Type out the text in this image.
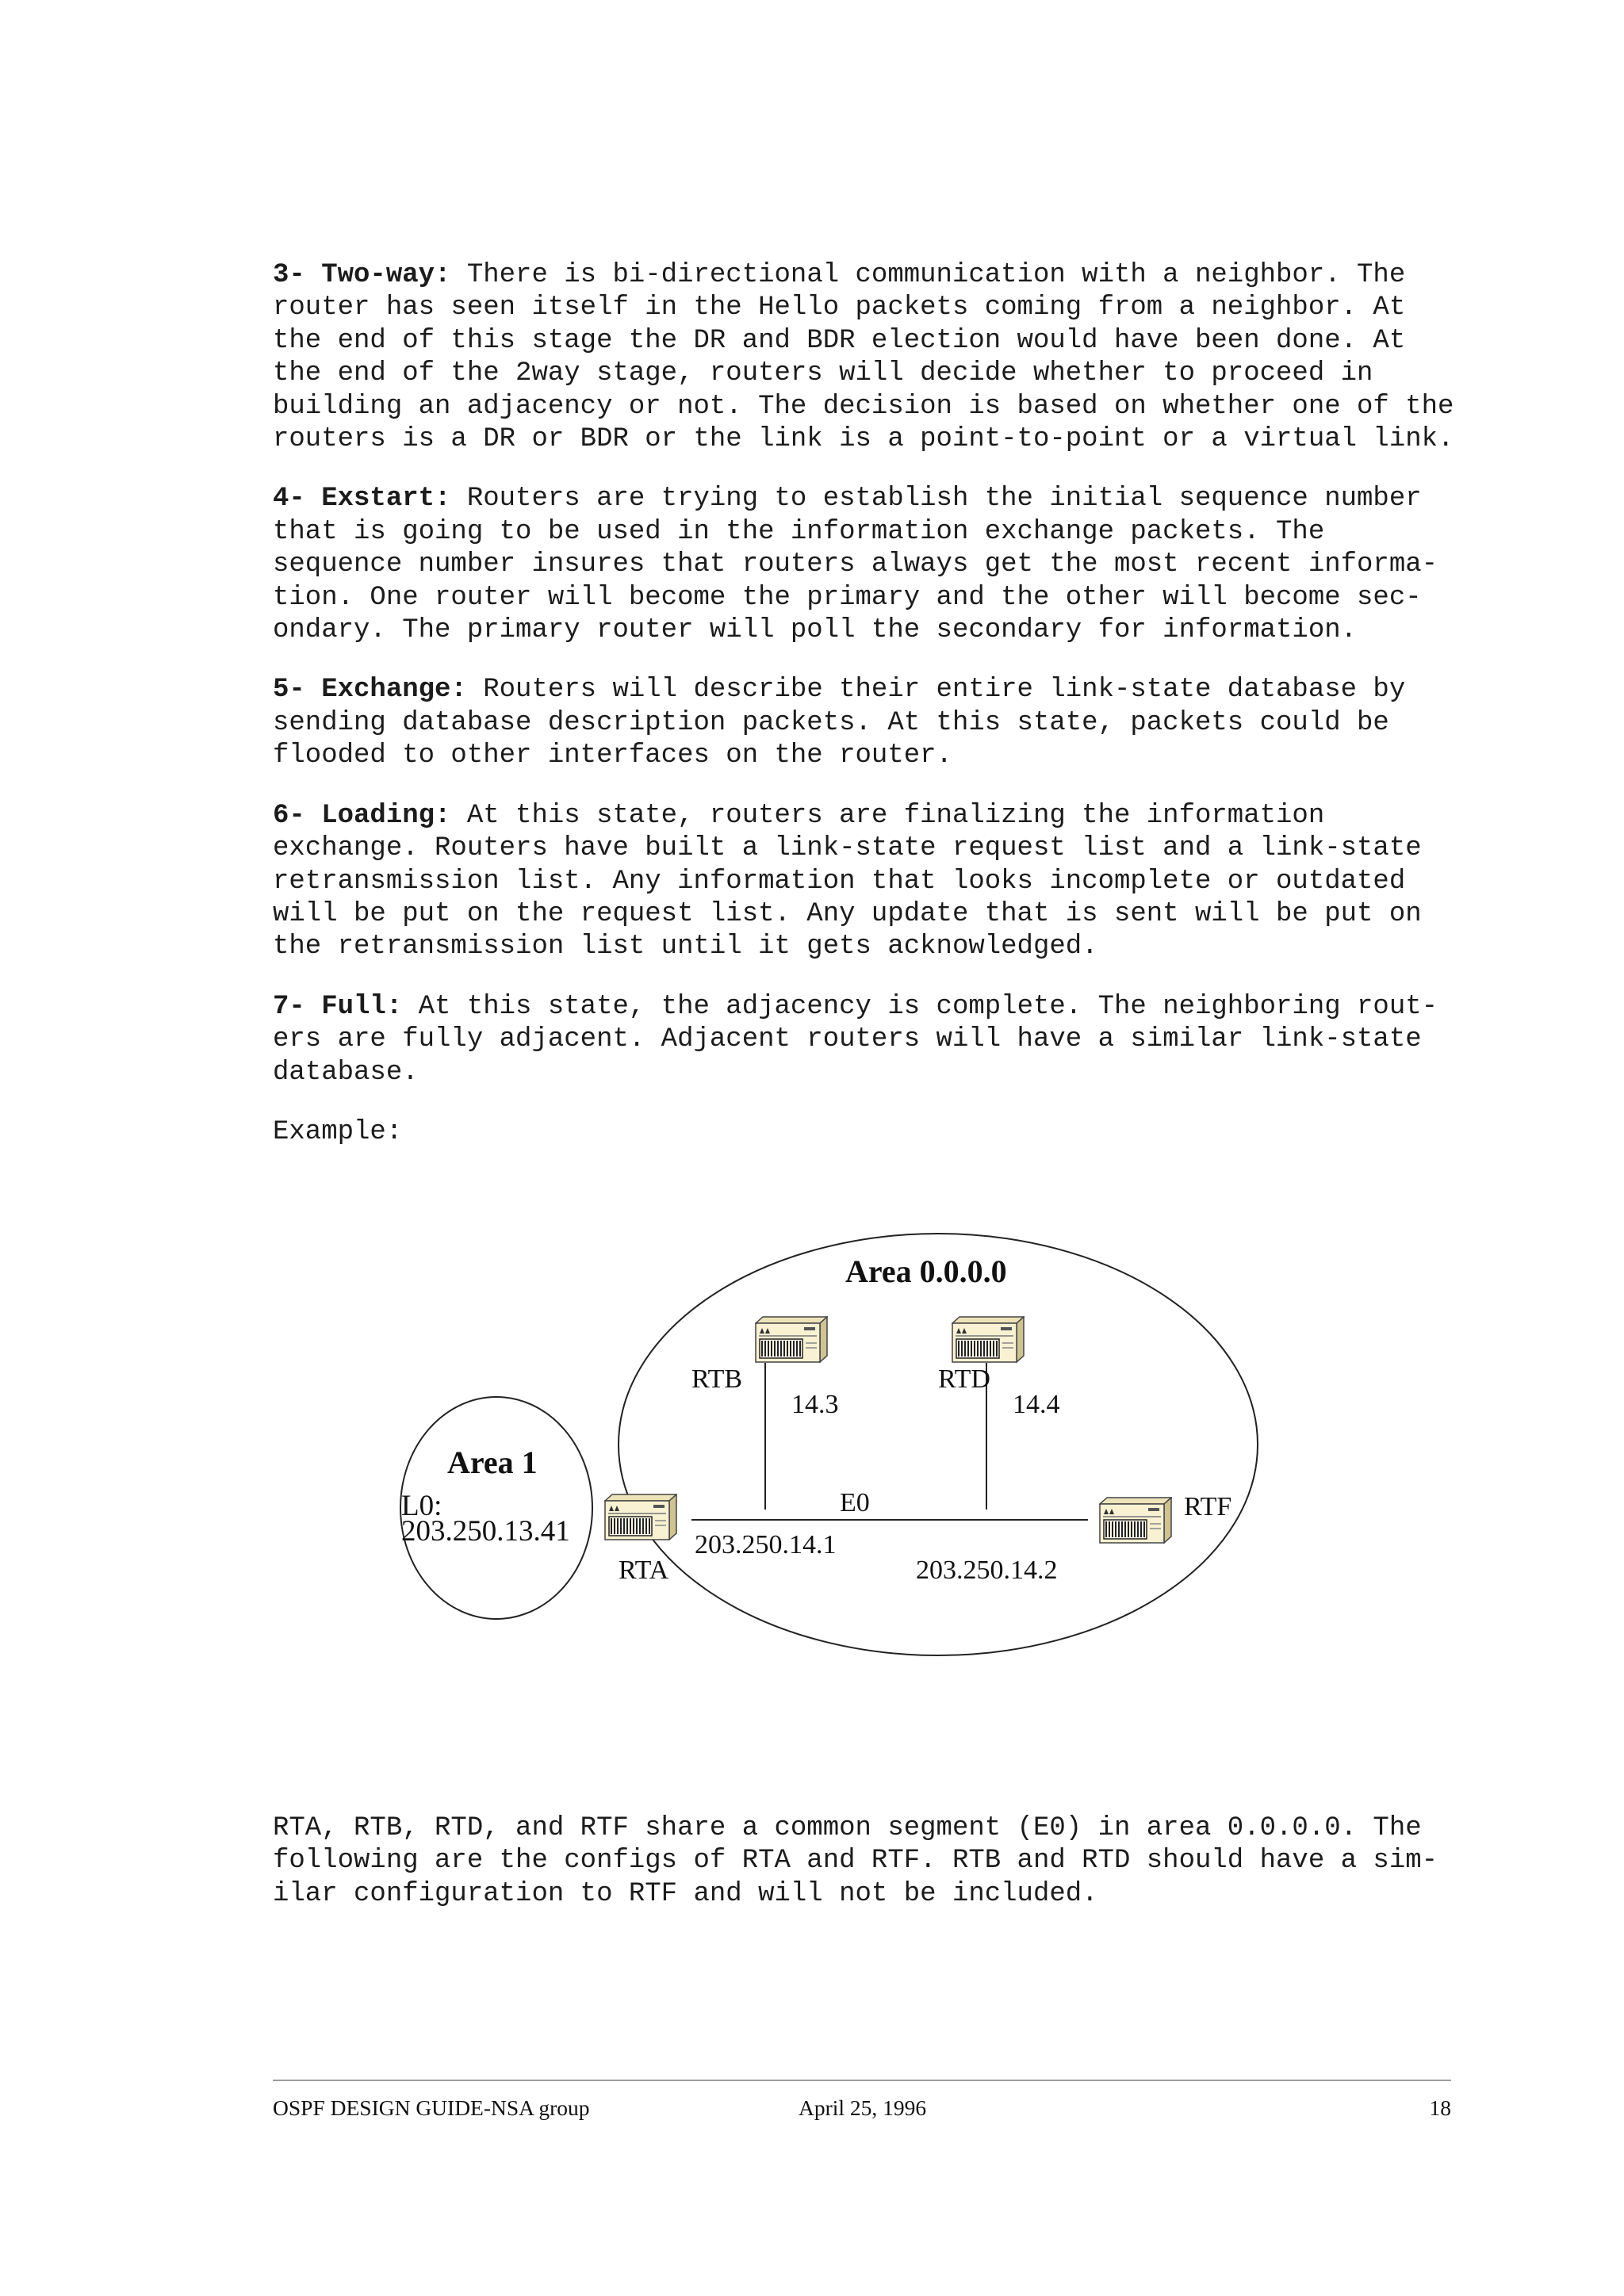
3- Two-way: There is bi-directional communication with a neighbor. The
router has seen itself in the Hello packets coming from a neighbor. At
the end of this stage the DR and BDR election would have been done. At
the end of the 2way stage, routers will decide whether to proceed in
building an adjacency or not. The decision is based on whether one of the
routers is a DR or BDR or the link is a point-to-point or a virtual link.

4- Exstart: Routers are trying to establish the initial sequence number
that is going to be used in the information exchange packets. The
sequence number insures that routers always get the most recent informa-
tion. One router will become the primary and the other will become sec-
ondary. The primary router will poll the secondary for information.

5- Exchange: Routers will describe their entire link-state database by
sending database description packets. At this state, packets could be
flooded to other interfaces on the router.

6- Loading: At this state, routers are finalizing the information
exchange. Routers have built a link-state request list and a link-state
retransmission list. Any information that looks incomplete or outdated
will be put on the request list. Any update that is sent will be put on
the retransmission list until it gets acknowledged.

7- Full: At this state, the adjacency is complete. The neighboring rout-
ers are fully adjacent. Adjacent routers will have a similar link-state
database.

Example:

Area 0.0.0.0
Area 1
L0:
203.250.13.41
RTB
14.3
RTD
14.4
E0	RTF
203.250.14.1
RTA	203.250.14.2

RTA, RTB, RTD, and RTF share a common segment (E0) in area 0.0.0.0. The
following are the configs of RTA and RTF. RTB and RTD should have a sim-
ilar configuration to RTF and will not be included.

OSPF DESIGN GUIDE-NSA group	April 25, 1996	18
